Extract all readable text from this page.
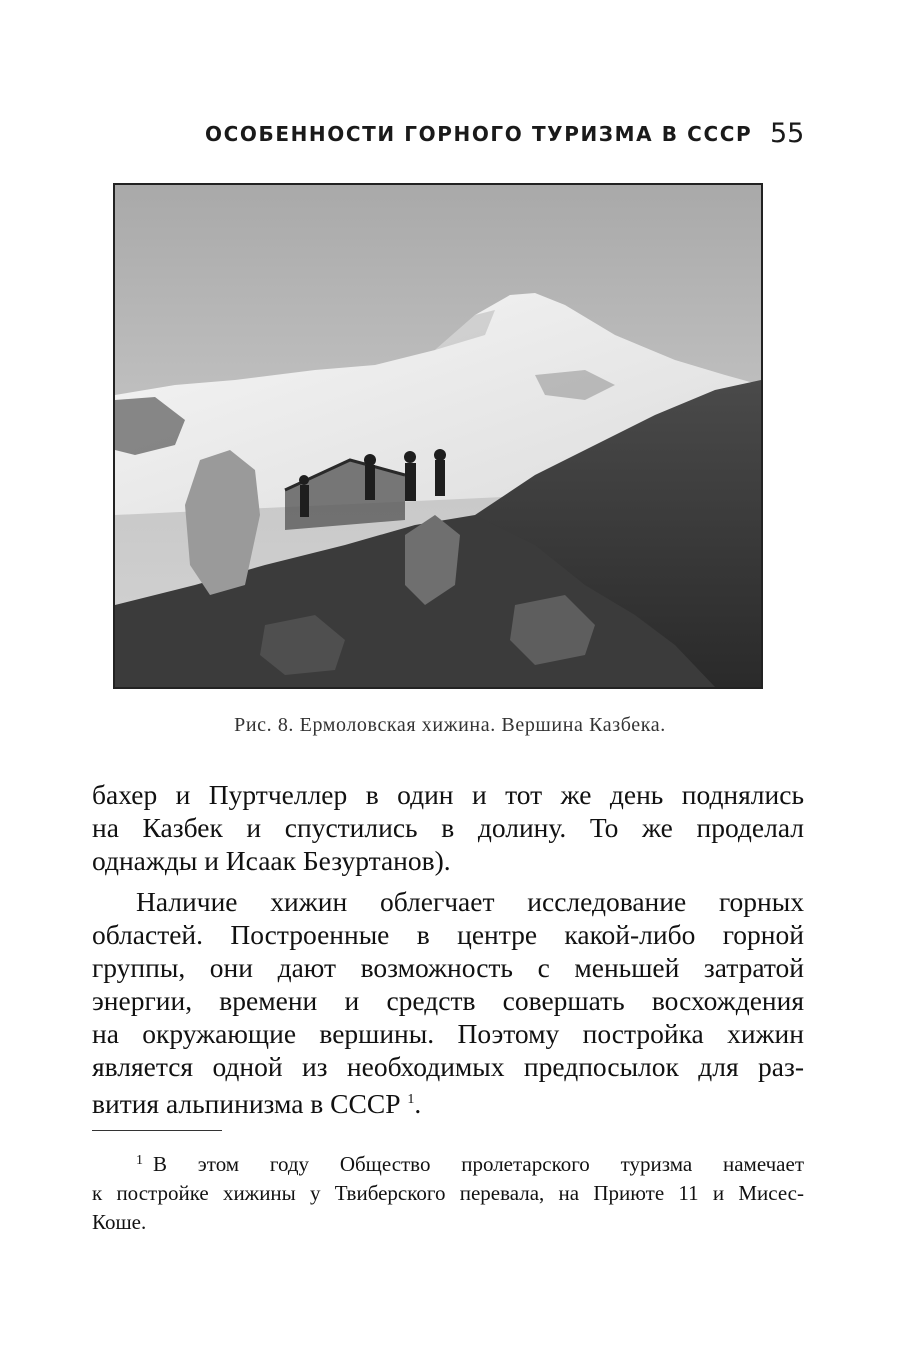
ОСОБЕННОСТИ ГОРНОГО ТУРИЗМА В СССР 55
Рис. 8. Ермоловская хижина. Вершина Казбека.
бахер и Пуртчеллер в один и тот же день поднялись
на Казбек и спустились в долину. То же проделал
однажды и Исаак Безуртанов).
Наличие хижин облегчает исследование горных
областей. Построенные в центре какой-либо горной
группы, они дают возможность с меньшей затратой
энергии, времени и средств совершать восхождения
на окружающие вершины. Поэтому постройка хижин
является одной из необходимых предпосылок для раз-
вития альпинизма в СССР $^1$.
$^1$ В этом году Общество пролетарского туризма намечает
к постройке хижины у Твиберского перевала, на Приюте 11 и Мисес-
Коше.
